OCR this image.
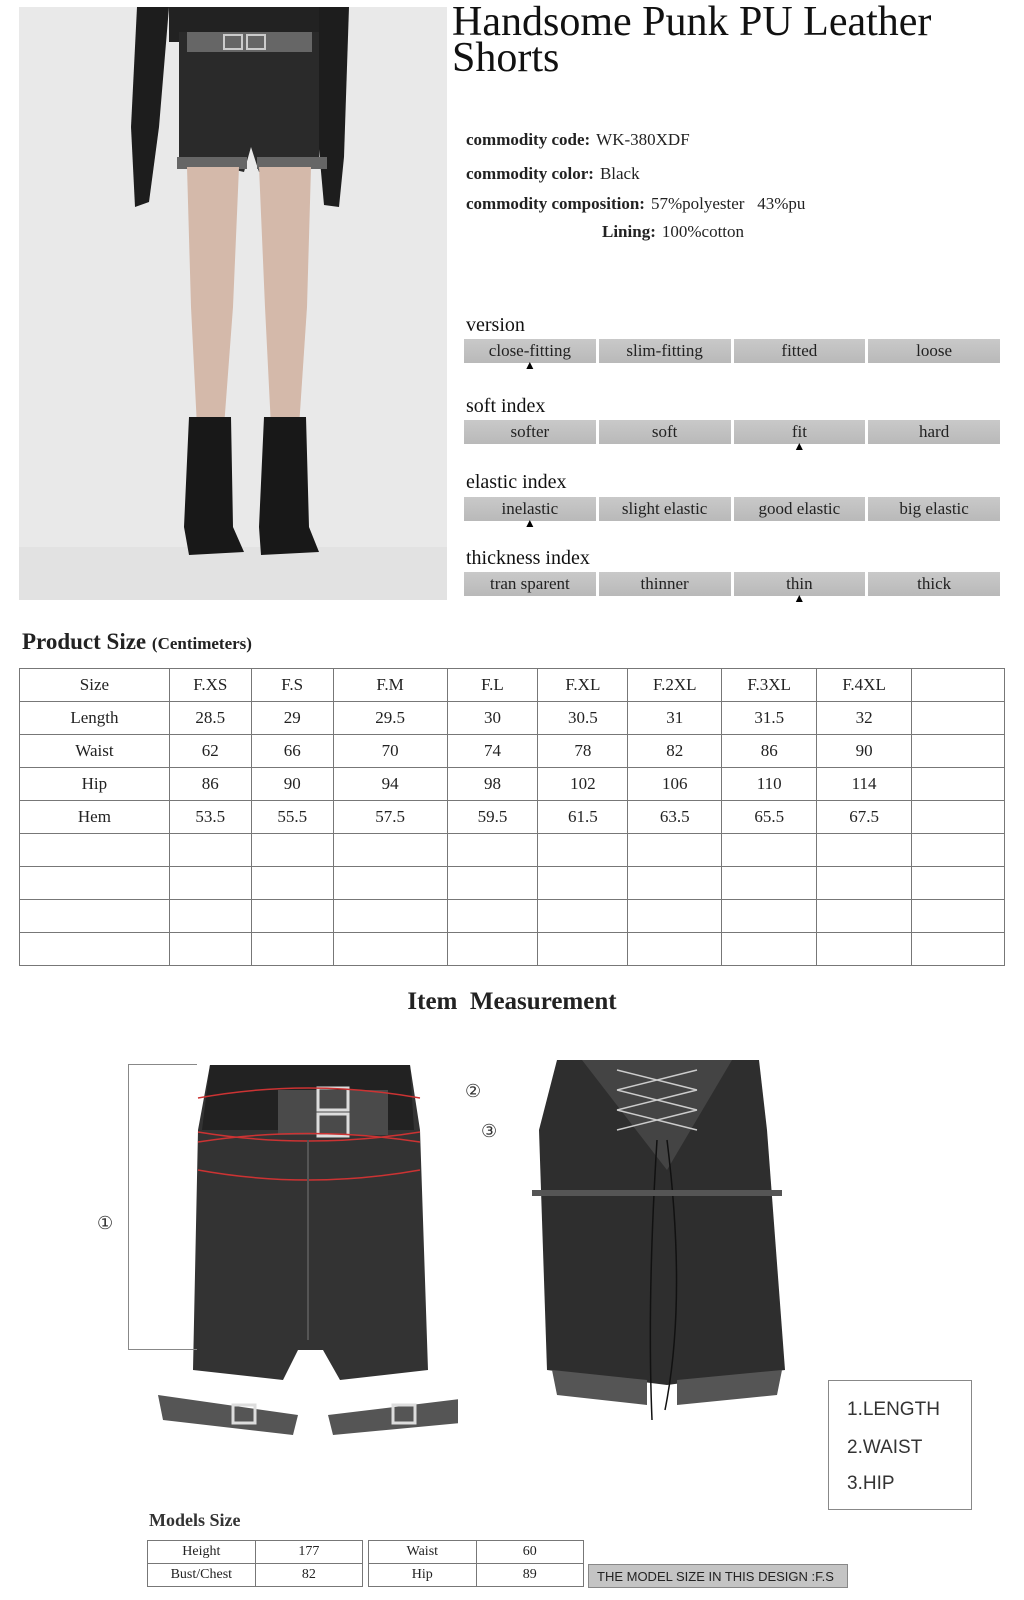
Handsome Punk PU Leather Shorts
commodity code: WK-380XDF
commodity color: Black
commodity composition: 57%polyester   43%pu
Lining: 100%cotton
version
close-fitting ▲	slim-fitting	fitted	loose
soft index
softer	soft	fit ▲	hard
elastic index
inelastic ▲	slight elastic	good elastic	big elastic
thickness index
tran sparent	thinner	thin ▲	thick
Product Size (Centimeters)
Size	F.XS	F.S	F.M	F.L	F.XL	F.2XL	F.3XL	F.4XL	
Length	28.5	29	29.5	30	30.5	31	31.5	32	
Waist	62	66	70	74	78	82	86	90	
Hip	86	90	94	98	102	106	110	114	
Hem	53.5	55.5	57.5	59.5	61.5	63.5	65.5	67.5	

Item  Measurement
①
②
③
1.LENGTH
2.WAIST
3.HIP
Models Size
Height	177
Bust/Chest	82
Waist	60
Hip	89	THE MODEL SIZE IN THIS DESIGN :F.S
